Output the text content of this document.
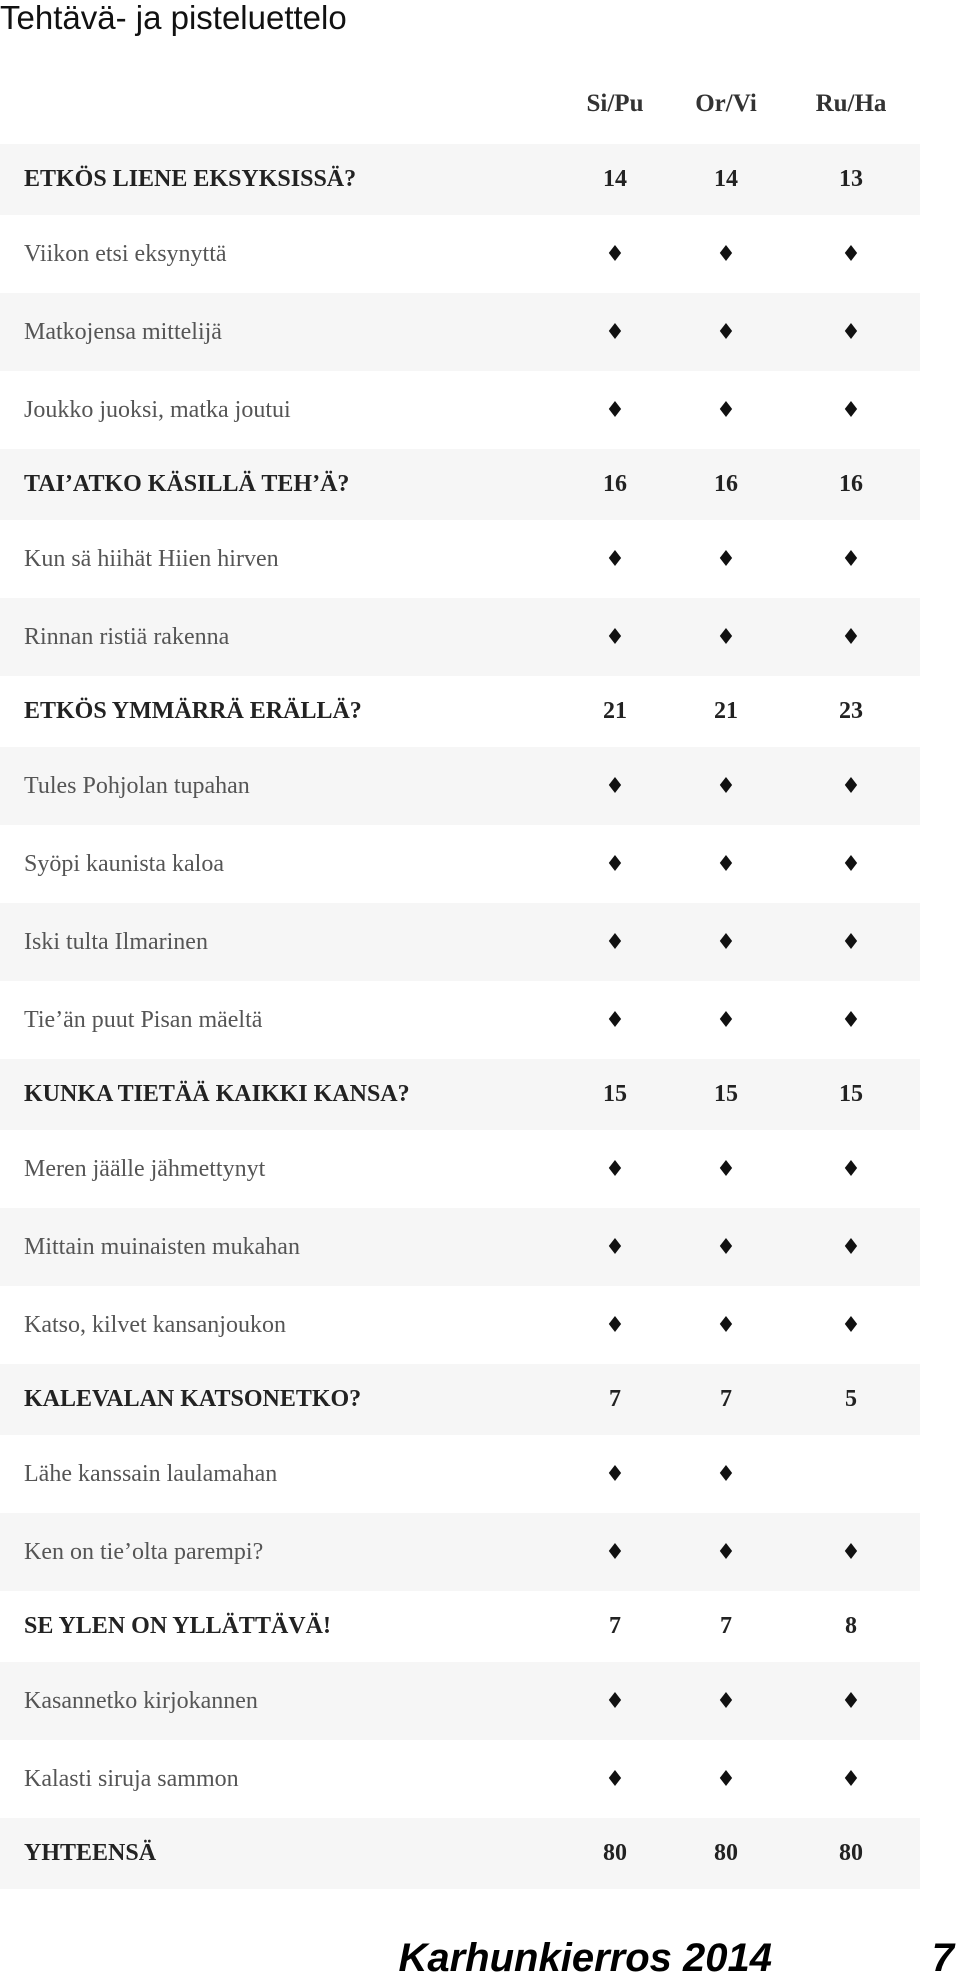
Tehtävä- ja pisteluettelo
Si/Pu	Or/Vi	Ru/Ha
ETKÖS LIENE EKSYKSISSÄ?	14	14	13
Viikon etsi eksynyttä	♦	♦	♦
Matkojensa mittelijä	♦	♦	♦
Joukko juoksi, matka joutui	♦	♦	♦
TAI’ATKO KÄSILLÄ TEH’Ä?	16	16	16
Kun sä hiihät Hiien hirven	♦	♦	♦
Rinnan ristiä rakenna	♦	♦	♦
ETKÖS YMMÄRRÄ ERÄLLÄ?	21	21	23
Tules Pohjolan tupahan	♦	♦	♦
Syöpi kaunista kaloa	♦	♦	♦
Iski tulta Ilmarinen	♦	♦	♦
Tie’än puut Pisan mäeltä	♦	♦	♦
KUNKA TIETÄÄ KAIKKI KANSA?	15	15	15
Meren jäälle jähmettynyt	♦	♦	♦
Mittain muinaisten mukahan	♦	♦	♦
Katso, kilvet kansanjoukon	♦	♦	♦
KALEVALAN KATSONETKO?	7	7	5
Lähe kanssain laulamahan	♦	♦
Ken on tie’olta parempi?	♦	♦	♦
SE YLEN ON YLLÄTTÄVÄ!	7	7	8
Kasannetko kirjokannen	♦	♦	♦
Kalasti siruja sammon	♦	♦	♦
YHTEENSÄ	80	80	80
Karhunkierros 2014	7
